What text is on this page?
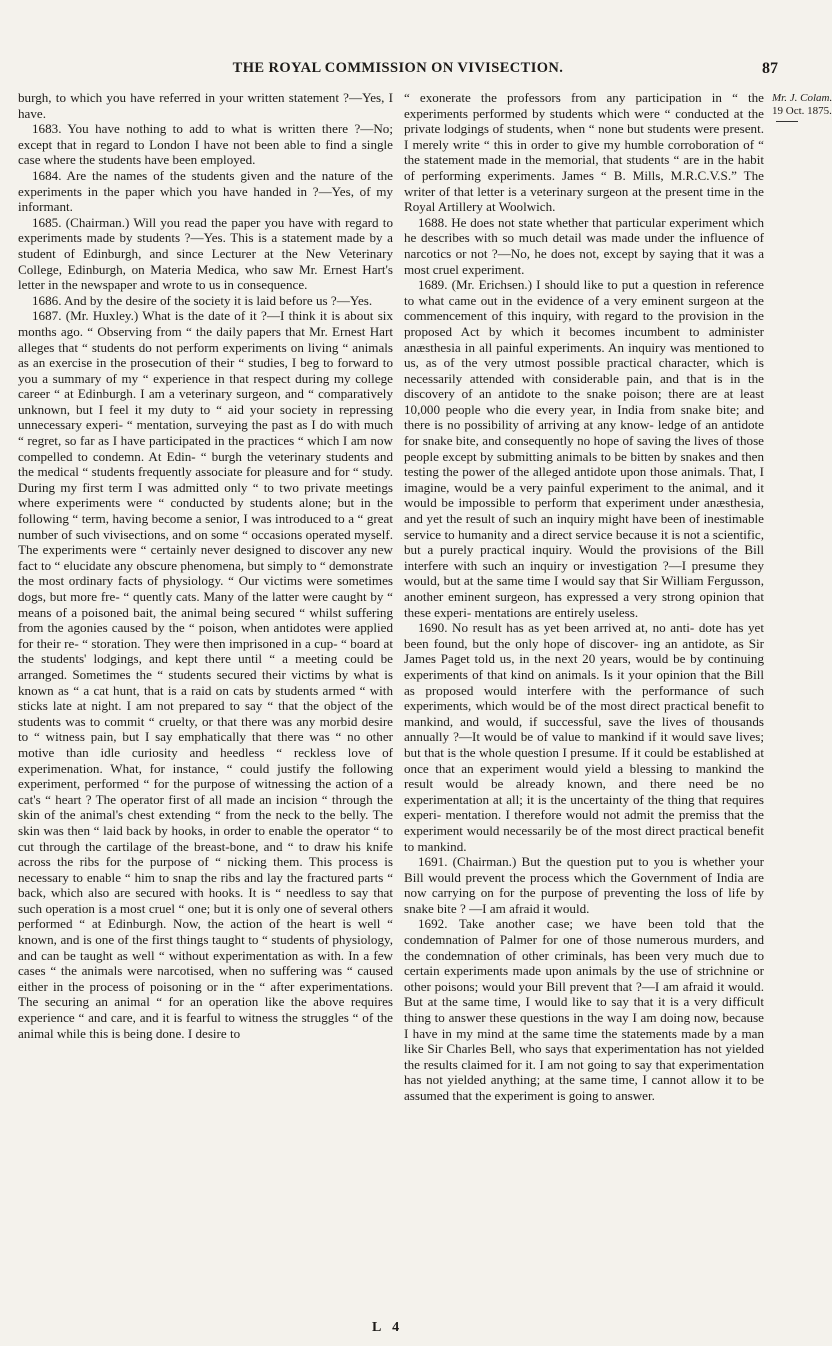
THE ROYAL COMMISSION ON VIVISECTION.	87
Mr. J. Colam.
19 Oct. 1875.

burgh, to which you have referred in your written statement ?—Yes, I have.

1683. You have nothing to add to what is written there ?—No; except that in regard to London I have not been able to find a single case where the students have been employed.

1684. Are the names of the students given and the nature of the experiments in the paper which you have handed in ?—Yes, of my informant.

1685. (Chairman.) Will you read the paper you have with regard to experiments made by students ?—Yes. This is a statement made by a student of Edinburgh, and since Lecturer at the New Veterinary College, Edinburgh, on Materia Medica, who saw Mr. Ernest Hart's letter in the newspaper and wrote to us in consequence.

1686. And by the desire of the society it is laid before us ?—Yes.

1687. (Mr. Huxley.) What is the date of it ?—I think it is about six months ago. “ Observing from “ the daily papers that Mr. Ernest Hart alleges that “ students do not perform experiments on living “ animals as an exercise in the prosecution of their “ studies, I beg to forward to you a summary of my “ experience in that respect during my college career “ at Edinburgh. I am a veterinary surgeon, and “ comparatively unknown, but I feel it my duty to “ aid your society in repressing unnecessary experi- “ mentation, surveying the past as I do with much “ regret, so far as I have participated in the practices “ which I am now compelled to condemn. At Edin- “ burgh the veterinary students and the medical “ students frequently associate for pleasure and for “ study. During my first term I was admitted only “ to two private meetings where experiments were “ conducted by students alone; but in the following “ term, having become a senior, I was introduced to a “ great number of such vivisections, and on some “ occasions operated myself. The experiments were “ certainly never designed to discover any new fact to “ elucidate any obscure phenomena, but simply to “ demonstrate the most ordinary facts of physiology. “ Our victims were sometimes dogs, but more fre- “ quently cats. Many of the latter were caught by “ means of a poisoned bait, the animal being secured “ whilst suffering from the agonies caused by the “ poison, when antidotes were applied for their re- “ storation. They were then imprisoned in a cup- “ board at the students' lodgings, and kept there until “ a meeting could be arranged. Sometimes the “ students secured their victims by what is known as “ a cat hunt, that is a raid on cats by students armed “ with sticks late at night. I am not prepared to say “ that the object of the students was to commit “ cruelty, or that there was any morbid desire to “ witness pain, but I say emphatically that there was “ no other motive than idle curiosity and heedless “ reckless love of experimenation. What, for instance, “ could justify the following experiment, performed “ for the purpose of witnessing the action of a cat's “ heart ? The operator first of all made an incision “ through the skin of the animal's chest extending “ from the neck to the belly. The skin was then “ laid back by hooks, in order to enable the operator “ to cut through the cartilage of the breast-bone, and “ to draw his knife across the ribs for the purpose of “ nicking them. This process is necessary to enable “ him to snap the ribs and lay the fractured parts “ back, which also are secured with hooks. It is “ needless to say that such operation is a most cruel “ one; but it is only one of several others performed “ at Edinburgh. Now, the action of the heart is well “ known, and is one of the first things taught to “ students of physiology, and can be taught as well “ without experimentation as with. In a few cases “ the animals were narcotised, when no suffering was “ caused either in the process of poisoning or in the “ after experimentations. The securing an animal “ for an operation like the above requires experience “ and care, and it is fearful to witness the struggles “ of the animal while this is being done. I desire to

“ exonerate the professors from any participation in “ the experiments performed by students which were “ conducted at the private lodgings of students, when “ none but students were present. I merely write “ this in order to give my humble corroboration of “ the statement made in the memorial, that students “ are in the habit of performing experiments. James “ B. Mills, M.R.C.V.S.” The writer of that letter is a veterinary surgeon at the present time in the Royal Artillery at Woolwich.

1688. He does not state whether that particular experiment which he describes with so much detail was made under the influence of narcotics or not ?—No, he does not, except by saying that it was a most cruel experiment.

1689. (Mr. Erichsen.) I should like to put a question in reference to what came out in the evidence of a very eminent surgeon at the commencement of this inquiry, with regard to the provision in the proposed Act by which it becomes incumbent to administer anæsthesia in all painful experiments. An inquiry was mentioned to us, as of the very utmost possible practical character, which is necessarily attended with considerable pain, and that is in the discovery of an antidote to the snake poison; there are at least 10,000 people who die every year, in India from snake bite; and there is no possibility of arriving at any know- ledge of an antidote for snake bite, and consequently no hope of saving the lives of those people except by submitting animals to be bitten by snakes and then testing the power of the alleged antidote upon those animals. That, I imagine, would be a very painful experiment to the animal, and it would be impossible to perform that experiment under anæsthesia, and yet the result of such an inquiry might have been of inestimable service to humanity and a direct service because it is not a scientific, but a purely practical inquiry. Would the provisions of the Bill interfere with such an inquiry or investigation ?—I presume they would, but at the same time I would say that Sir William Fergusson, another eminent surgeon, has expressed a very strong opinion that these experi- mentations are entirely useless.

1690. No result has as yet been arrived at, no anti- dote has yet been found, but the only hope of discover- ing an antidote, as Sir James Paget told us, in the next 20 years, would be by continuing experiments of that kind on animals. Is it your opinion that the Bill as proposed would interfere with the performance of such experiments, which would be of the most direct practical benefit to mankind, and would, if successful, save the lives of thousands annually ?—It would be of value to mankind if it would save lives; but that is the whole question I presume. If it could be established at once that an experiment would yield a blessing to mankind the result would be already known, and there need be no experimentation at all; it is the uncertainty of the thing that requires experi- mentation. I therefore would not admit the premiss that the experiment would necessarily be of the most direct practical benefit to mankind.

1691. (Chairman.) But the question put to you is whether your Bill would prevent the process which the Government of India are now carrying on for the purpose of preventing the loss of life by snake bite ? —I am afraid it would.

1692. Take another case; we have been told that the condemnation of Palmer for one of those numerous murders, and the condemnation of other criminals, has been very much due to certain experiments made upon animals by the use of strichnine or other poisons; would your Bill prevent that ?—I am afraid it would. But at the same time, I would like to say that it is a very difficult thing to answer these questions in the way I am doing now, because I have in my mind at the same time the statements made by a man like Sir Charles Bell, who says that experimentation has not yielded the results claimed for it. I am not going to say that experimentation has not yielded anything; at the same time, I cannot allow it to be assumed that the experiment is going to answer.

L 4
